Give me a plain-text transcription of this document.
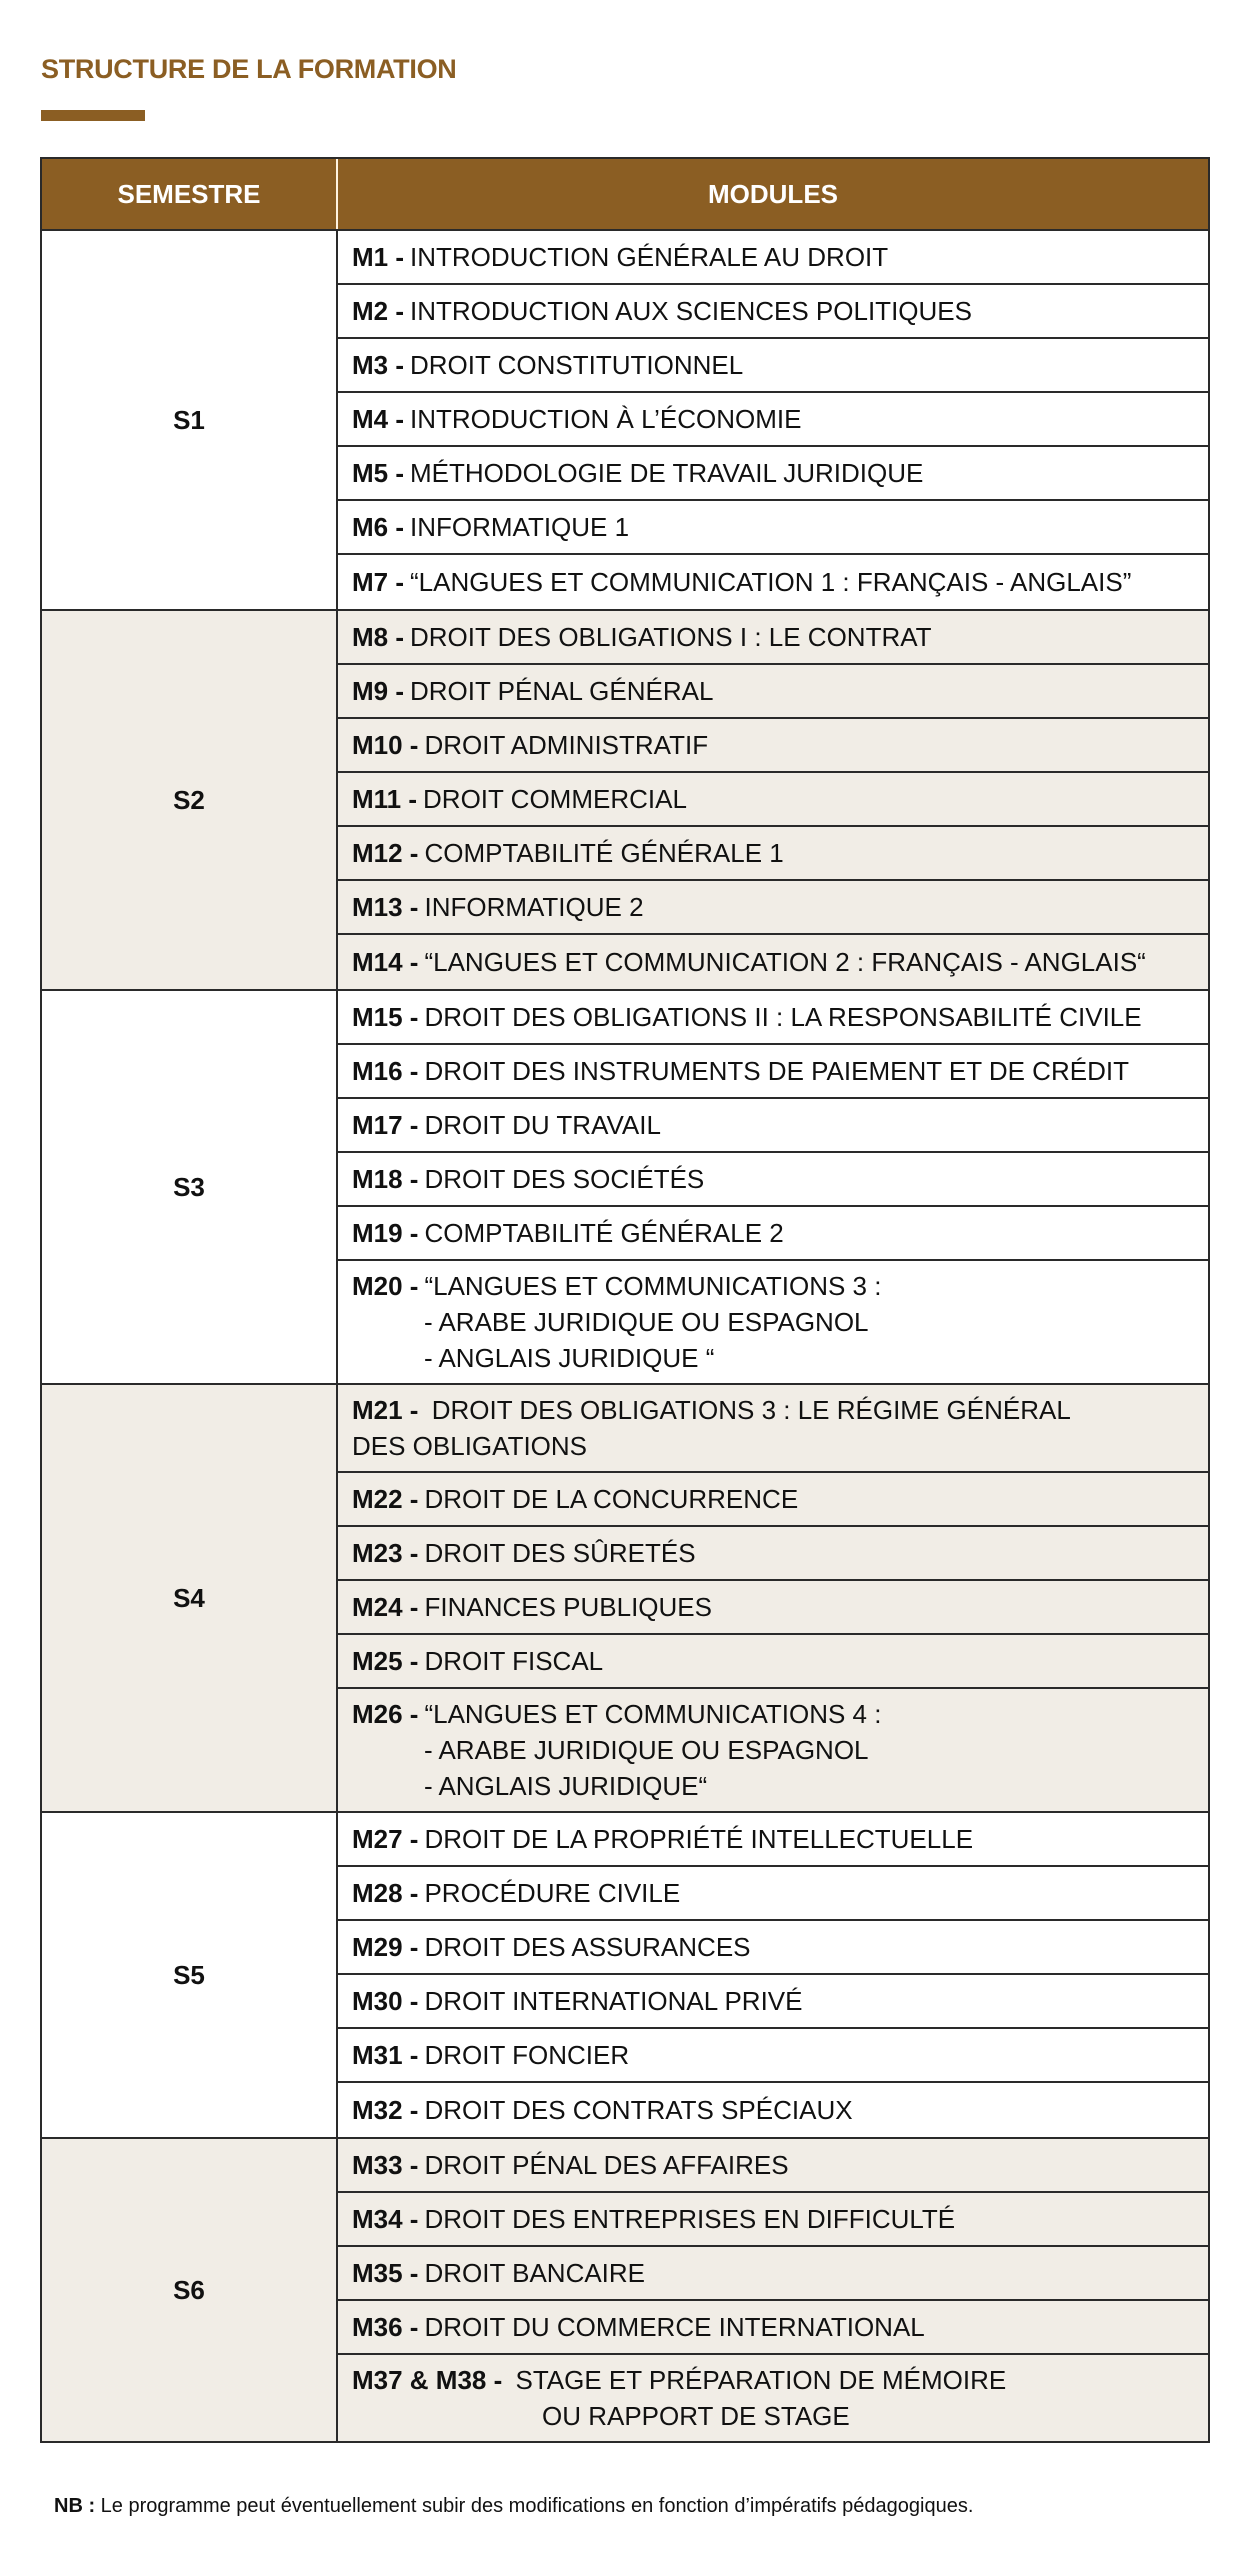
STRUCTURE DE LA FORMATION
SEMESTRE	MODULES
S1
M1 - INTRODUCTION GÉNÉRALE AU DROIT
M2 - INTRODUCTION AUX SCIENCES POLITIQUES
M3 - DROIT CONSTITUTIONNEL
M4 - INTRODUCTION À L’ÉCONOMIE
M5 - MÉTHODOLOGIE DE TRAVAIL JURIDIQUE
M6 - INFORMATIQUE 1
M7 - “LANGUES ET COMMUNICATION 1 : FRANÇAIS - ANGLAIS”
S2
M8 - DROIT DES OBLIGATIONS I : LE CONTRAT
M9 - DROIT PÉNAL GÉNÉRAL
M10 - DROIT ADMINISTRATIF
M11 - DROIT COMMERCIAL
M12 - COMPTABILITÉ GÉNÉRALE 1
M13 - INFORMATIQUE 2
M14 - “LANGUES ET COMMUNICATION 2 : FRANÇAIS - ANGLAIS“
S3
M15 - DROIT DES OBLIGATIONS II : LA RESPONSABILITÉ CIVILE
M16 - DROIT DES INSTRUMENTS DE PAIEMENT ET DE CRÉDIT
M17 - DROIT DU TRAVAIL
M18 - DROIT DES SOCIÉTÉS
M19 - COMPTABILITÉ GÉNÉRALE 2
M20 - “LANGUES ET COMMUNICATIONS 3 :
- ARABE JURIDIQUE OU ESPAGNOL
- ANGLAIS JURIDIQUE “
S4
M21 - DROIT DES OBLIGATIONS 3 : LE RÉGIME GÉNÉRAL
DES OBLIGATIONS
M22 - DROIT DE LA CONCURRENCE
M23 - DROIT DES SÛRETÉS
M24 - FINANCES PUBLIQUES
M25 - DROIT FISCAL
M26 - “LANGUES ET COMMUNICATIONS 4 :
- ARABE JURIDIQUE OU ESPAGNOL
- ANGLAIS JURIDIQUE“
S5
M27 - DROIT DE LA PROPRIÉTÉ INTELLECTUELLE
M28 - PROCÉDURE CIVILE
M29 - DROIT DES ASSURANCES
M30 - DROIT INTERNATIONAL PRIVÉ
M31 - DROIT FONCIER
M32 - DROIT DES CONTRATS SPÉCIAUX
S6
M33 - DROIT PÉNAL DES AFFAIRES
M34 - DROIT DES ENTREPRISES EN DIFFICULTÉ
M35 - DROIT BANCAIRE
M36 - DROIT DU COMMERCE INTERNATIONAL
M37 & M38 - STAGE ET PRÉPARATION DE MÉMOIRE
OU RAPPORT DE STAGE
NB : Le programme peut éventuellement subir des modifications en fonction d’impératifs pédagogiques.
